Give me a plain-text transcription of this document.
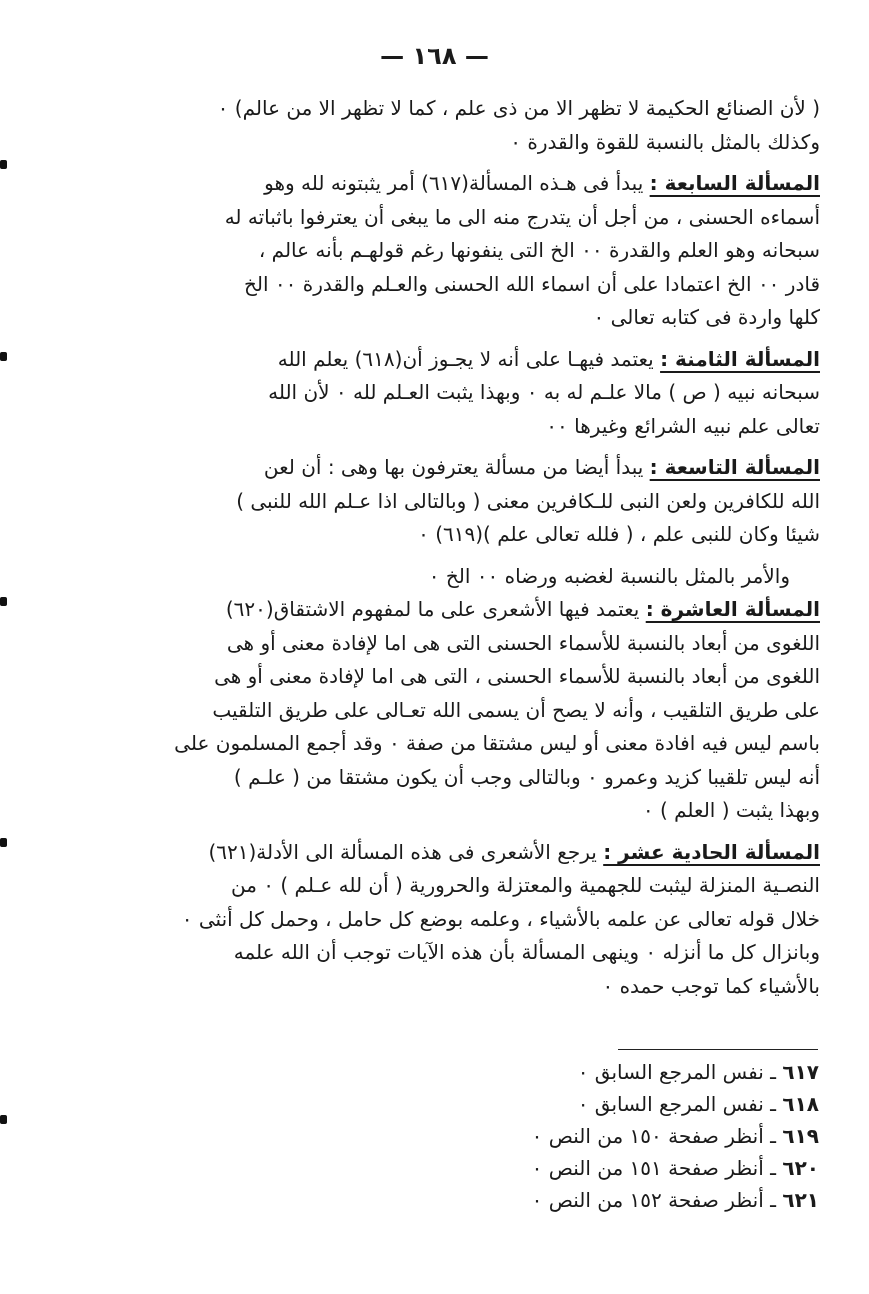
— ١٦٨ —
( لأن الصنائع الحكيمة لا تظهر الا من ذى علم ، كما لا تظهر الا من عالم) ٠
وكذلك بالمثل بالنسبة للقوة والقدرة ٠
المسألة السابعة : يبدأ فى هـذه المسألة(٦١٧) أمر يثبتونه لله وهو
أسماءه الحسنى ، من أجل أن يتدرج منه الى ما يبغى أن يعترفوا باثباته له
سبحانه وهو العلم والقدرة ٠٠ الخ التى ينفونها رغم قولهـم بأنه عالم ،
قادر ٠٠ الخ اعتمادا على أن اسماء الله الحسنى والعـلم والقدرة ٠٠ الخ
كلها واردة فى كتابه تعالى ٠
المسألة الثامنة : يعتمد فيهـا على أنه لا يجـوز أن(٦١٨) يعلم الله
سبحانه نبيه ( ص ) مالا علـم له به ٠ وبهذا يثبت العـلم لله ٠ لأن الله
تعالى علم نبيه الشرائع وغيرها ٠٠
المسألة التاسعة : يبدأ أيضا من مسألة يعترفون بها وهى : أن لعن
الله للكافرين ولعن النبى للـكافرين معنى ( وبالتالى اذا عـلم الله للنبى )
شيئا وكان للنبى علم ، ( فلله تعالى علم )(٦١٩) ٠
والأمر بالمثل بالنسبة لغضبه ورضاه ٠٠ الخ ٠
المسألة العاشرة : يعتمد فيها الأشعرى على ما لمفهوم الاشتقاق(٦٢٠)
اللغوى من أبعاد بالنسبة للأسماء الحسنى التى هى اما لإفادة معنى أو هى
اللغوى من أبعاد بالنسبة للأسماء الحسنى ، التى هى اما لإفادة معنى أو هى
على طريق التلقيب ، وأنه لا يصح أن يسمى الله تعـالى على طريق التلقيب
باسم ليس فيه افادة معنى أو ليس مشتقا من صفة ٠ وقد أجمع المسلمون على
أنه ليس تلقيبا كزيد وعمرو ٠ وبالتالى وجب أن يكون مشتقا من ( علـم )
وبهذا يثبت ( العلم ) ٠
المسألة الحادية عشر : يرجع الأشعرى فى هذه المسألة الى الأدلة(٦٢١)
النصـية المنزلة ليثبت للجهمية والمعتزلة والحرورية ( أن لله عـلم ) ٠ من
خلال قوله تعالى عن علمه بالأشياء ، وعلمه بوضع كل حامل ، وحمل كل أنثى ٠
وبانزال كل ما أنزله ٠ وينهى المسألة بأن هذه الآيات توجب أن الله علمه
بالأشياء كما توجب حمده ٠
٦١٧ ـ نفس المرجع السابق ٠
٦١٨ ـ نفس المرجع السابق ٠
٦١٩ ـ أنظر صفحة ١٥٠ من النص ٠
٦٢٠ ـ أنظر صفحة ١٥١ من النص ٠
٦٢١ ـ أنظر صفحة ١٥٢ من النص ٠
